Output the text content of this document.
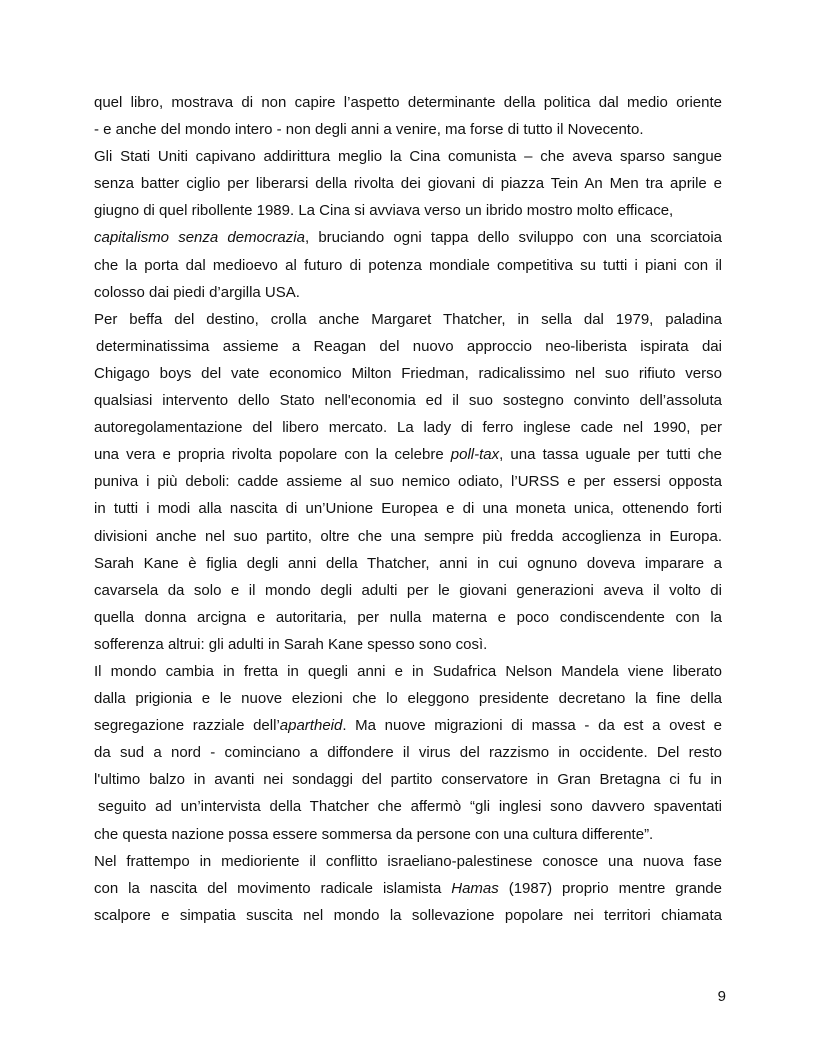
quel libro, mostrava di non capire l’aspetto determinante della politica dal medio oriente
- e anche del mondo intero - non degli anni a venire, ma forse di tutto il Novecento.
Gli Stati Uniti capivano addirittura meglio la Cina comunista – che aveva sparso sangue
senza batter ciglio per liberarsi della rivolta dei giovani di piazza Tein An Men tra aprile e
giugno di quel ribollente 1989. La Cina si avviava verso un ibrido mostro molto efficace,
capitalismo senza democrazia, bruciando ogni tappa dello sviluppo con una scorciatoia
che la porta dal medioevo al futuro di potenza mondiale competitiva su tutti i piani con il
colosso dai piedi d’argilla USA.
Per beffa del destino, crolla anche Margaret Thatcher, in sella dal 1979, paladina
determinatissima assieme a Reagan del nuovo approccio neo-liberista ispirata dai
Chigago boys del vate economico Milton Friedman, radicalissimo nel suo rifiuto verso
qualsiasi intervento dello Stato nell'economia ed il suo sostegno convinto dell’assoluta
autoregolamentazione del libero mercato. La lady di ferro inglese cade nel 1990, per
una vera e propria rivolta popolare con la celebre poll-tax, una tassa uguale per tutti che
puniva i più deboli: cadde assieme al suo nemico odiato, l’URSS e per essersi opposta
in tutti i modi alla nascita di un’Unione Europea e di una moneta unica, ottenendo forti
divisioni anche nel suo partito, oltre che una sempre più fredda accoglienza in Europa.
Sarah Kane è figlia degli anni della Thatcher, anni in cui ognuno doveva imparare a
cavarsela da solo e il mondo degli adulti per le giovani generazioni aveva il volto di
quella donna arcigna e autoritaria, per nulla materna e poco condiscendente con la
sofferenza altrui: gli adulti in Sarah Kane spesso sono così.
Il mondo cambia in fretta in quegli anni e in Sudafrica Nelson Mandela viene liberato
dalla prigionia e le nuove elezioni che lo eleggono presidente decretano la fine della
segregazione razziale dell’apartheid. Ma nuove migrazioni di massa - da est a ovest e
da sud a nord - cominciano a diffondere il virus del razzismo in occidente. Del resto
l'ultimo balzo in avanti nei sondaggi del partito conservatore in Gran Bretagna ci fu in
seguito ad un’intervista della Thatcher che affermò “gli inglesi sono davvero spaventati
che questa nazione possa essere sommersa da persone con una cultura differente”.
Nel frattempo in medioriente il conflitto israeliano-palestinese conosce una nuova fase
con la nascita del movimento radicale islamista Hamas (1987) proprio mentre grande
scalpore e simpatia suscita nel mondo la sollevazione popolare nei territori chiamata
9
